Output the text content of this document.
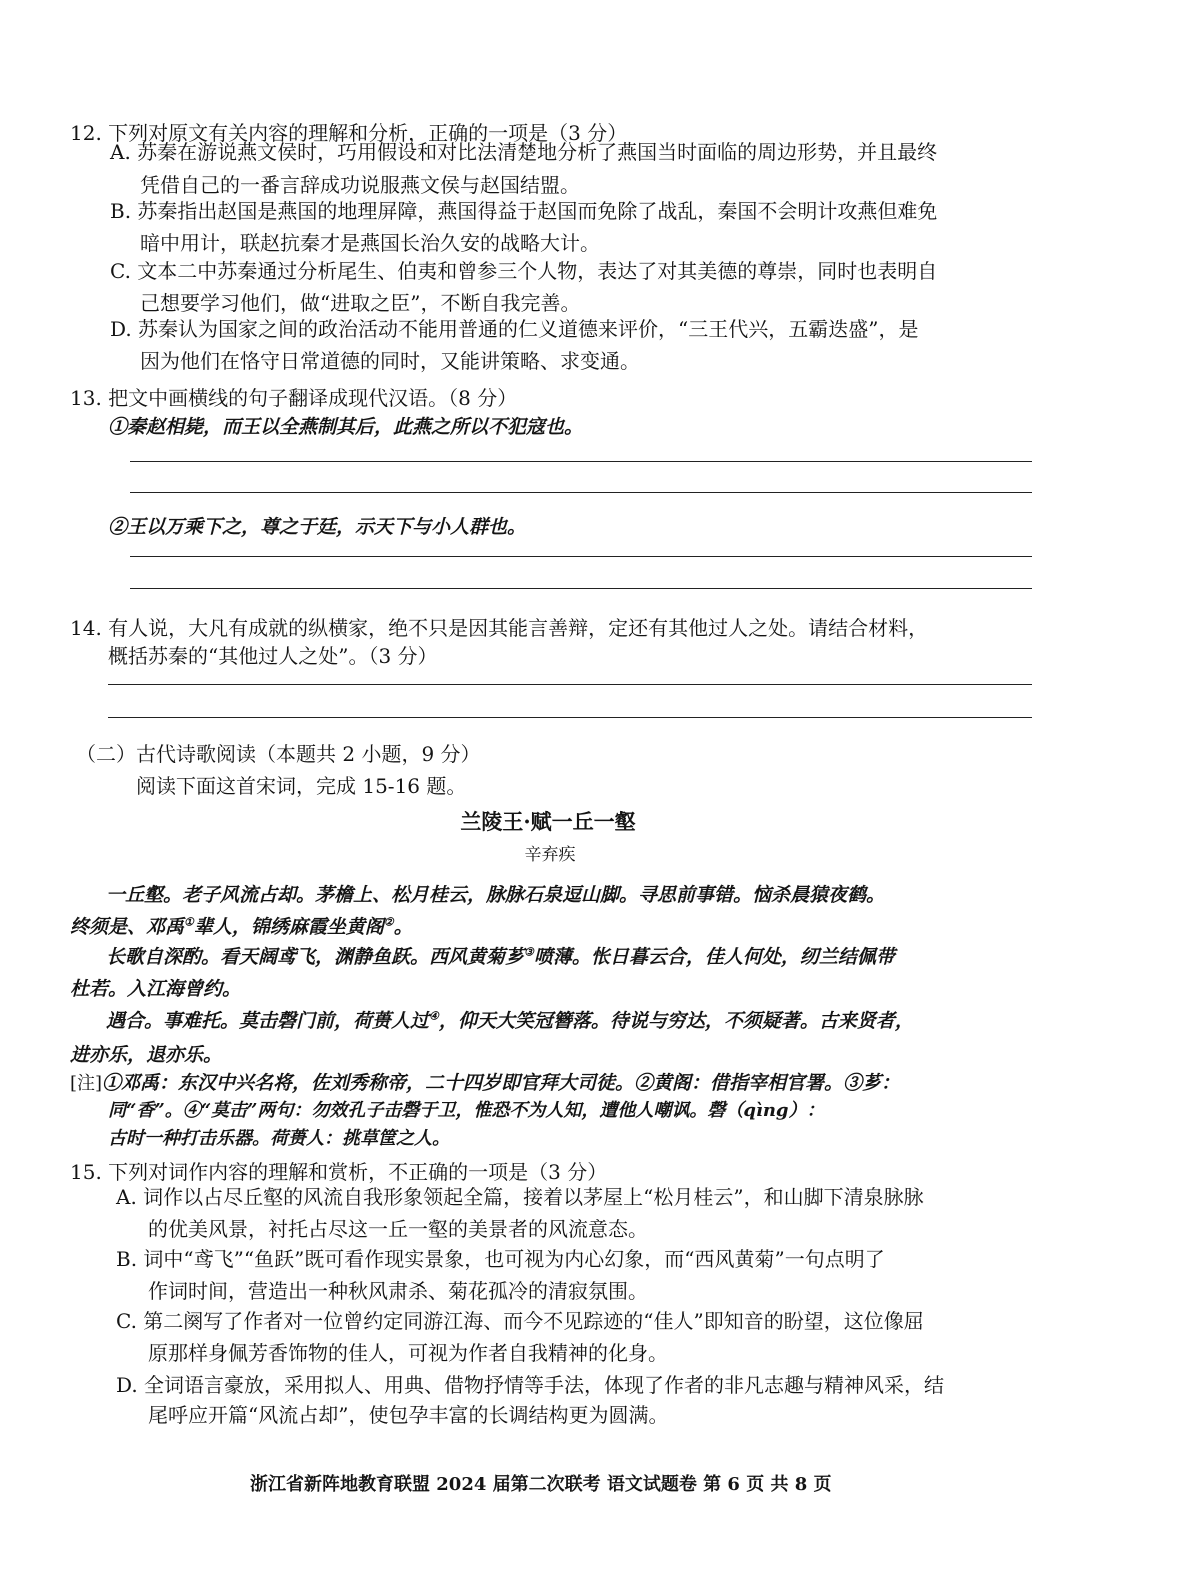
12. 下列对原文有关内容的理解和分析，正确的一项是（3 分）
A. 苏秦在游说燕文侯时，巧用假设和对比法清楚地分析了燕国当时面临的周边形势，并且最终
凭借自己的一番言辞成功说服燕文侯与赵国结盟。
B. 苏秦指出赵国是燕国的地理屏障，燕国得益于赵国而免除了战乱，秦国不会明计攻燕但难免
暗中用计，联赵抗秦才是燕国长治久安的战略大计。
C. 文本二中苏秦通过分析尾生、伯夷和曾参三个人物，表达了对其美德的尊崇，同时也表明自
己想要学习他们，做“进取之臣”，不断自我完善。
D. 苏秦认为国家之间的政治活动不能用普通的仁义道德来评价，“三王代兴，五霸迭盛”，是
因为他们在恪守日常道德的同时，又能讲策略、求变通。
13. 把文中画横线的句子翻译成现代汉语。（8 分）
①秦赵相毙，而王以全燕制其后，此燕之所以不犯寇也。
②王以万乘下之，尊之于廷，示天下与小人群也。
14. 有人说，大凡有成就的纵横家，绝不只是因其能言善辩，定还有其他过人之处。请结合材料，
概括苏秦的“其他过人之处”。（3 分）
（二）古代诗歌阅读（本题共 2 小题，9 分）
阅读下面这首宋词，完成 15-16 题。
兰陵王·赋一丘一壑
辛弃疾
一丘壑。老子风流占却。茅檐上、松月桂云，脉脉石泉逗山脚。寻思前事错。恼杀晨猿夜鹤。
终须是、邓禹①辈人，锦绣麻霞坐黄阁②。
长歌自深酌。看天阔鸢飞，渊静鱼跃。西风黄菊芗③喷薄。怅日暮云合，佳人何处，纫兰结佩带
杜若。入江海曾约。
遇合。事难托。莫击磬门前，荷蒉人过④，仰天大笑冠簪落。待说与穷达，不须疑著。古来贤者，
进亦乐，退亦乐。
[注]①邓禹：东汉中兴名将，佐刘秀称帝，二十四岁即官拜大司徒。②黄阁：借指宰相官署。③芗：
同“香”。④“莫击”两句：勿效孔子击磬于卫，惟恐不为人知，遭他人嘲讽。磬（qìng）：
古时一种打击乐器。荷蒉人：挑草筐之人。
15. 下列对词作内容的理解和赏析，不正确的一项是（3 分）
A. 词作以占尽丘壑的风流自我形象领起全篇，接着以茅屋上“松月桂云”，和山脚下清泉脉脉
的优美风景，衬托占尽这一丘一壑的美景者的风流意态。
B. 词中“鸢飞”“鱼跃”既可看作现实景象，也可视为内心幻象，而“西风黄菊”一句点明了
作词时间，营造出一种秋风肃杀、菊花孤冷的清寂氛围。
C. 第二阕写了作者对一位曾约定同游江海、而今不见踪迹的“佳人”即知音的盼望，这位像屈
原那样身佩芳香饰物的佳人，可视为作者自我精神的化身。
D. 全词语言豪放，采用拟人、用典、借物抒情等手法，体现了作者的非凡志趣与精神风采，结
尾呼应开篇“风流占却”，使包孕丰富的长调结构更为圆满。
浙江省新阵地教育联盟 2024 届第二次联考 语文试题卷 第 6 页 共 8 页
